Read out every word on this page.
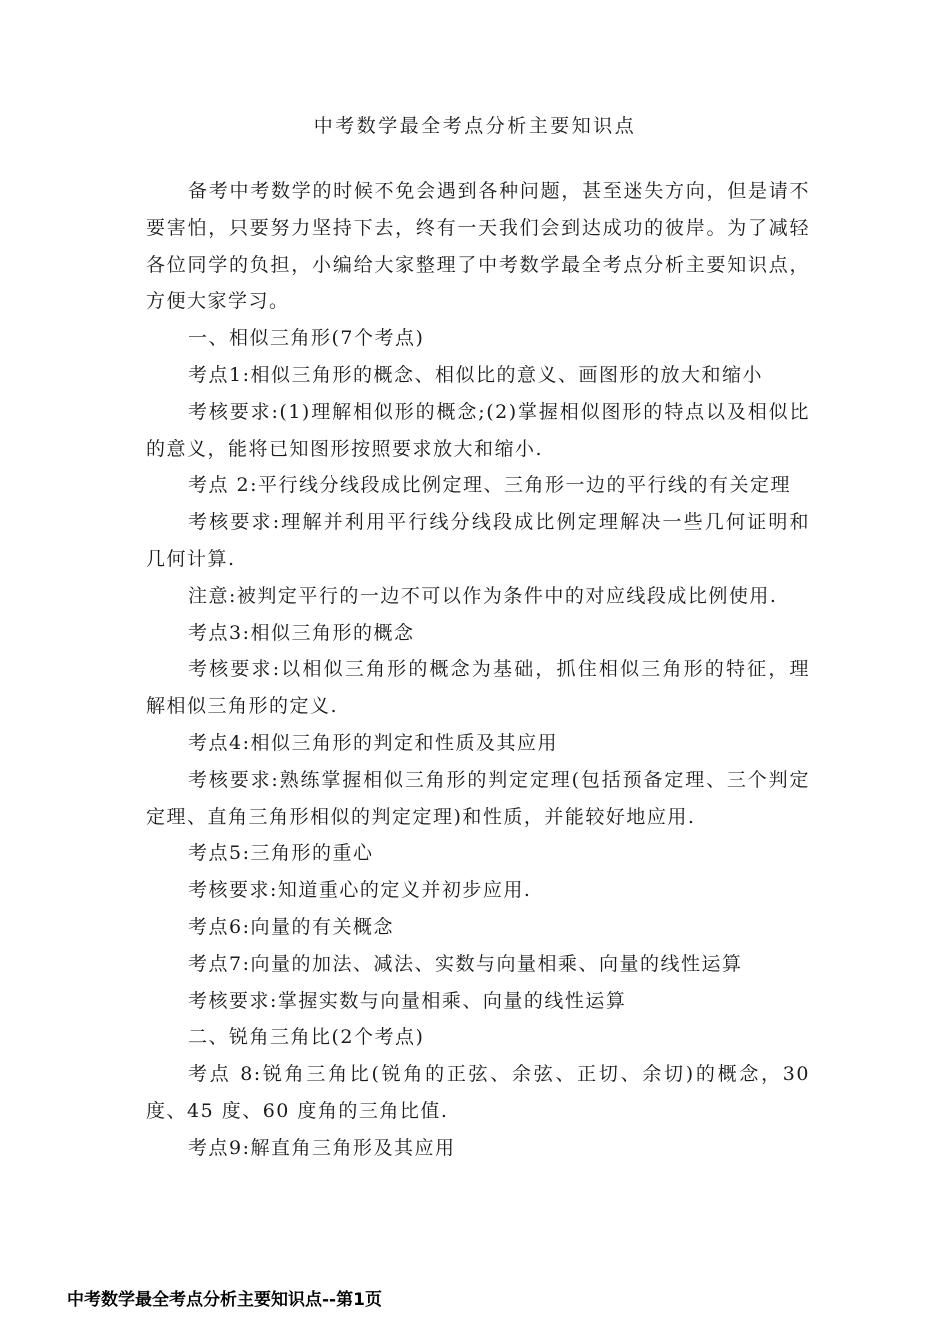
中考数学最全考点分析主要知识点

备考中考数学的时候不免会遇到各种问题，甚至迷失方向，但是请不要害怕，只要努力坚持下去，终有一天我们会到达成功的彼岸。为了减轻各位同学的负担，小编给大家整理了中考数学最全考点分析主要知识点，方便大家学习。

一、相似三角形(7个考点)

考点1:相似三角形的概念、相似比的意义、画图形的放大和缩小

考核要求:(1)理解相似形的概念;(2)掌握相似图形的特点以及相似比的意义，能将已知图形按照要求放大和缩小.

考点 2:平行线分线段成比例定理、三角形一边的平行线的有关定理

考核要求:理解并利用平行线分线段成比例定理解决一些几何证明和几何计算.

注意:被判定平行的一边不可以作为条件中的对应线段成比例使用.

考点3:相似三角形的概念

考核要求:以相似三角形的概念为基础，抓住相似三角形的特征，理解相似三角形的定义.

考点4:相似三角形的判定和性质及其应用

考核要求:熟练掌握相似三角形的判定定理(包括预备定理、三个判定定理、直角三角形相似的判定定理)和性质，并能较好地应用.

考点5:三角形的重心

考核要求:知道重心的定义并初步应用.

考点6:向量的有关概念

考点7:向量的加法、减法、实数与向量相乘、向量的线性运算

考核要求:掌握实数与向量相乘、向量的线性运算

二、锐角三角比(2个考点)

考点 8:锐角三角比(锐角的正弦、余弦、正切、余切)的概念，30度、45 度、60 度角的三角比值.

考点9:解直角三角形及其应用

中考数学最全考点分析主要知识点--第1页
